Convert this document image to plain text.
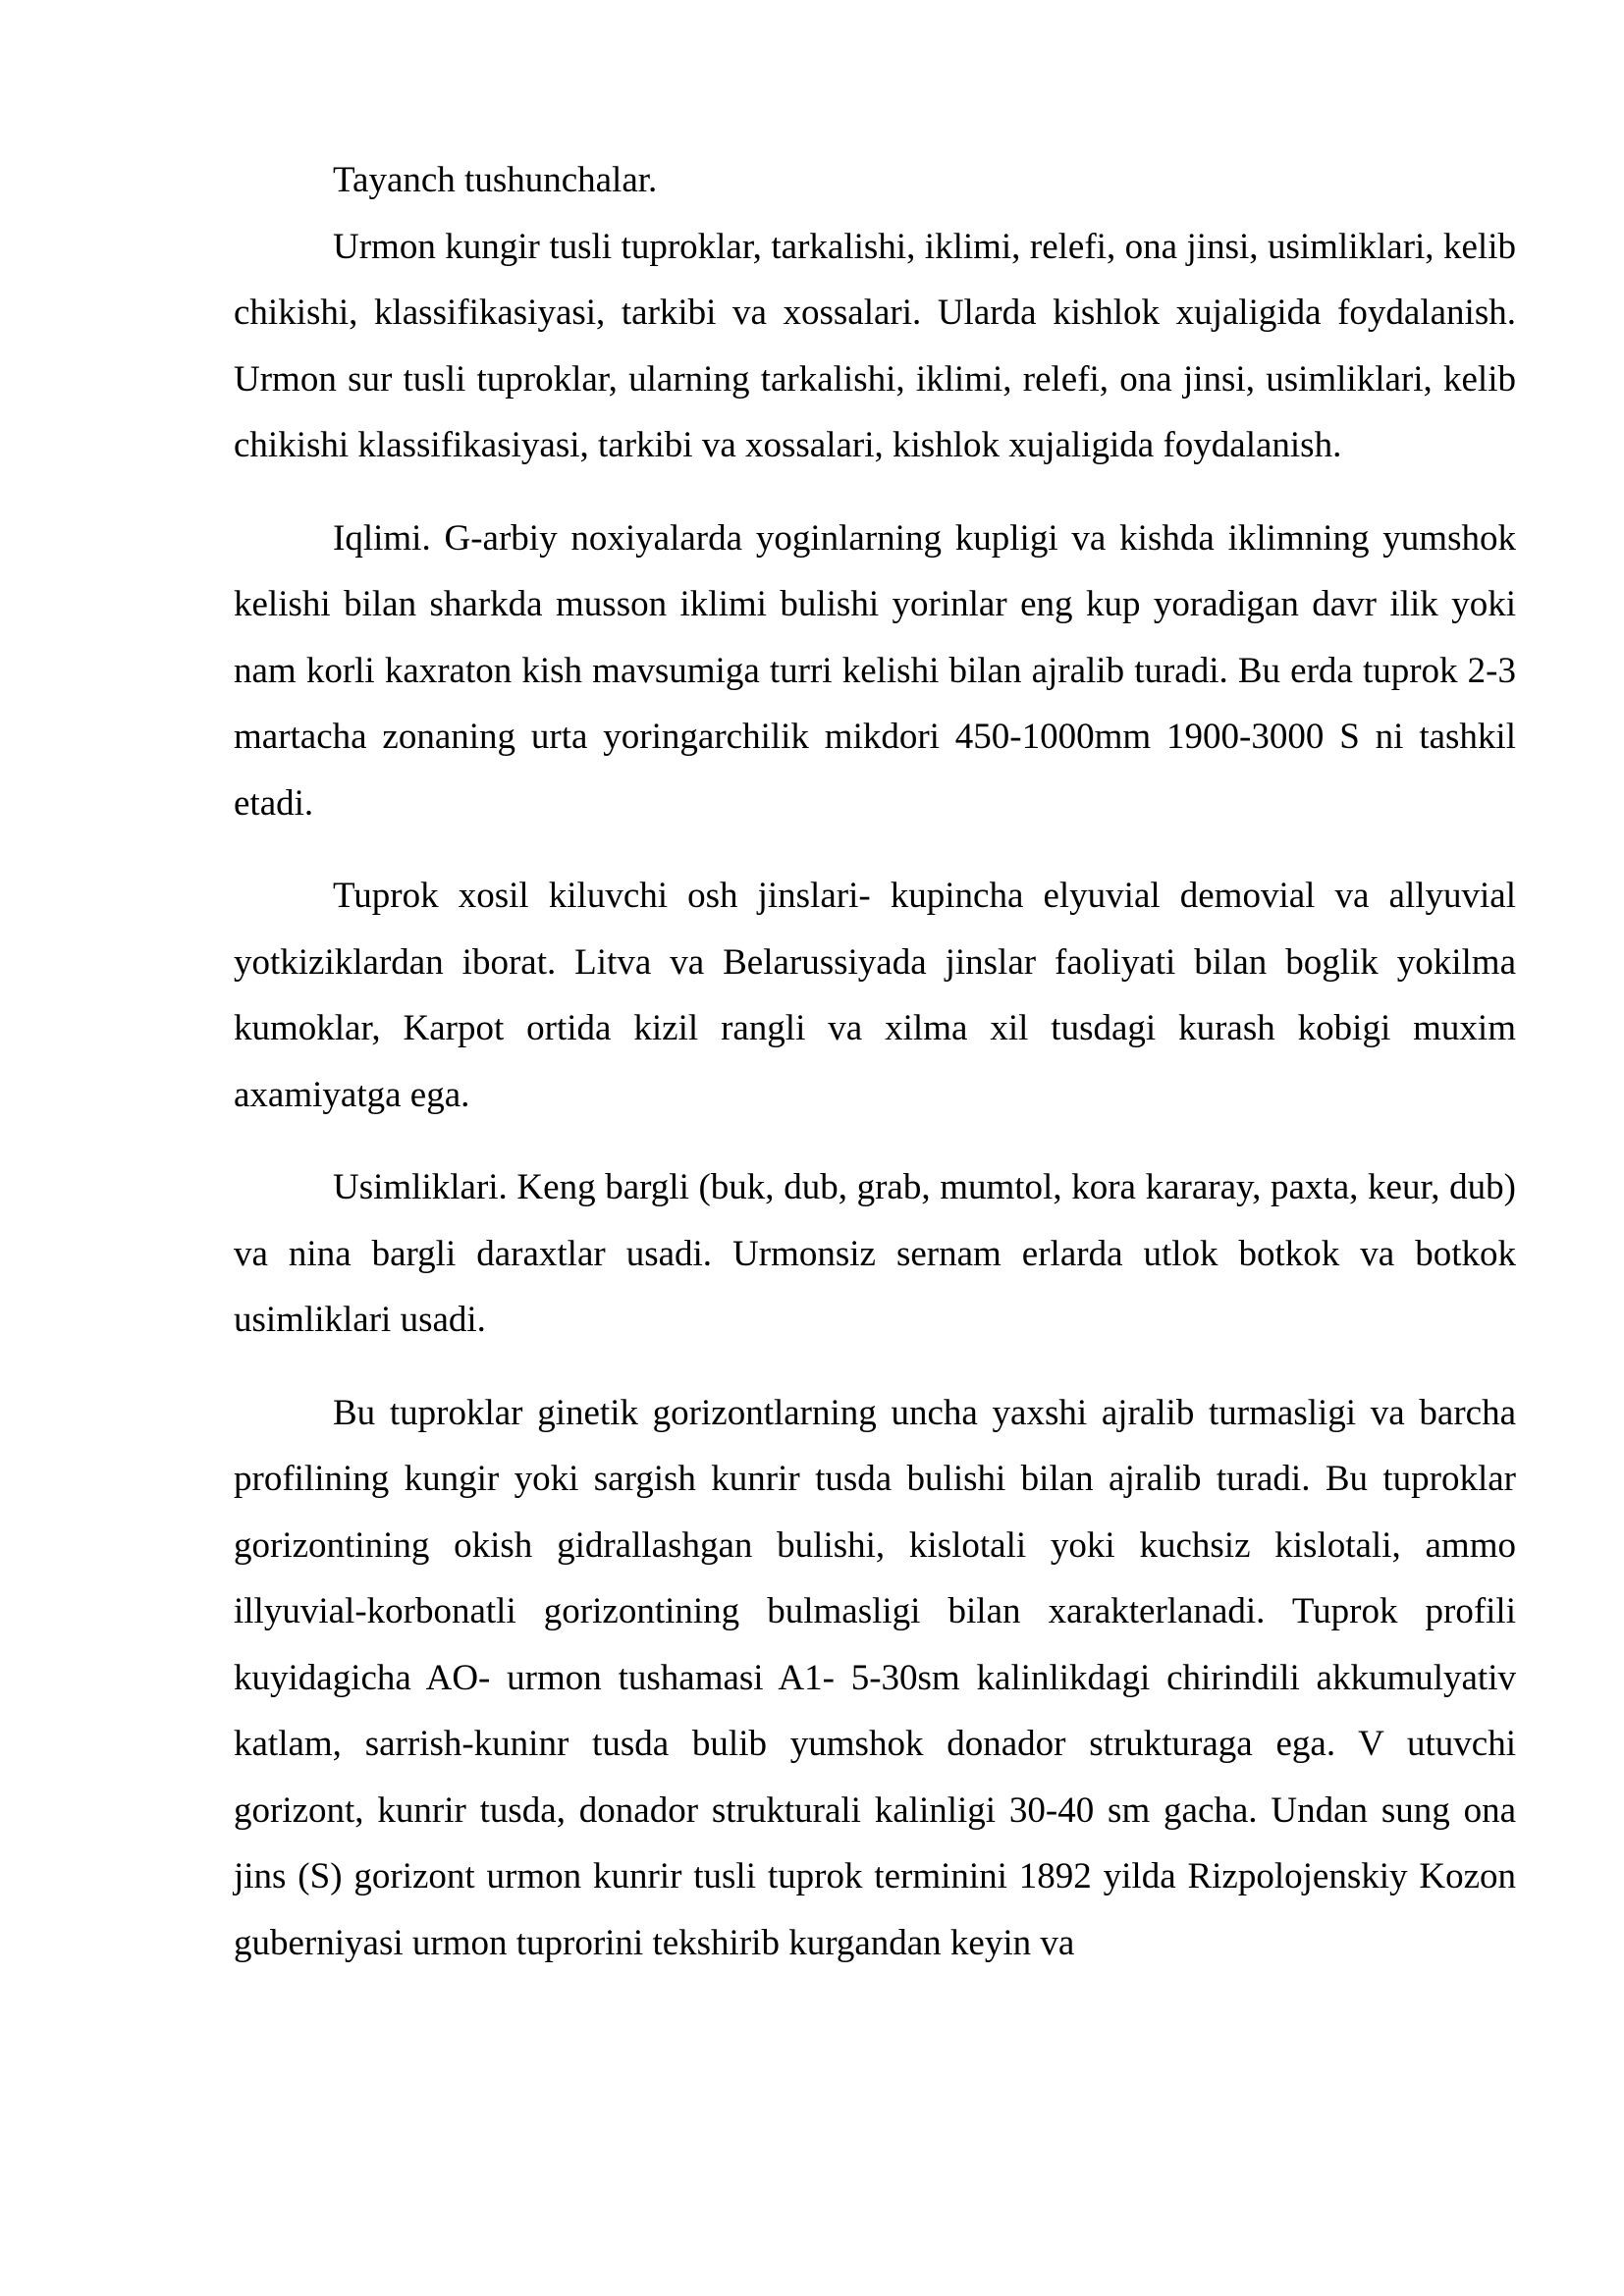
Tayanch tushunchalar.

Urmon kungir tusli tuproklar, tarkalishi, iklimi, relefi, ona jinsi, usimliklari, kelib chikishi, klassifikasiyasi, tarkibi va xossalari. Ularda kishlok xujaligida foydalanish. Urmon sur tusli tuproklar, ularning tarkalishi, iklimi, relefi, ona jinsi, usimliklari, kelib chikishi klassifikasiyasi, tarkibi va xossalari, kishlok xujaligida foydalanish.

Iqlimi. G-arbiy noxiyalarda yoginlarning kupligi va kishda iklimning yumshok kelishi bilan sharkda musson iklimi bulishi yorinlar eng kup yoradigan davr ilik yoki nam korli kaxraton kish mavsumiga turri kelishi bilan ajralib turadi. Bu erda tuprok 2-3 martacha zonaning urta yoringarchilik mikdori 450-1000mm 1900-3000 S ni tashkil etadi.

Tuprok xosil kiluvchi osh jinslari- kupincha elyuvial demovial va allyuvial yotkiziklardan iborat. Litva va Belarussiyada jinslar faoliyati bilan boglik yokilma kumoklar, Karpot ortida kizil rangli va xilma xil tusdagi kurash kobigi muxim axamiyatga ega.

Usimliklari. Keng bargli (buk, dub, grab, mumtol, kora kararay, paxta, keur, dub) va nina bargli daraxtlar usadi. Urmonsiz sernam erlarda utlok botkok va botkok usimliklari usadi.

Bu tuproklar ginetik gorizontlarning uncha yaxshi ajralib turmasligi va barcha profilining kungir yoki sargish kunrir tusda bulishi bilan ajralib turadi. Bu tuproklar gorizontining okish gidrallashgan bulishi, kislotali yoki kuchsiz kislotali, ammo illyuvial-korbonatli gorizontining bulmasligi bilan xarakterlanadi. Tuprok profili kuyidagicha AO- urmon tushamasi A1- 5-30sm kalinlikdagi chirindili akkumulyativ katlam, sarrish-kuninr tusda bulib yumshok donador strukturaga ega. V utuvchi gorizont, kunrir tusda, donador strukturali kalinligi 30-40 sm gacha. Undan sung ona jins (S) gorizont urmon kunrir tusli tuprok terminini 1892 yilda Rizpolojenskiy Kozon guberniyasi urmon tuprorini tekshirib kurgandan keyin va
